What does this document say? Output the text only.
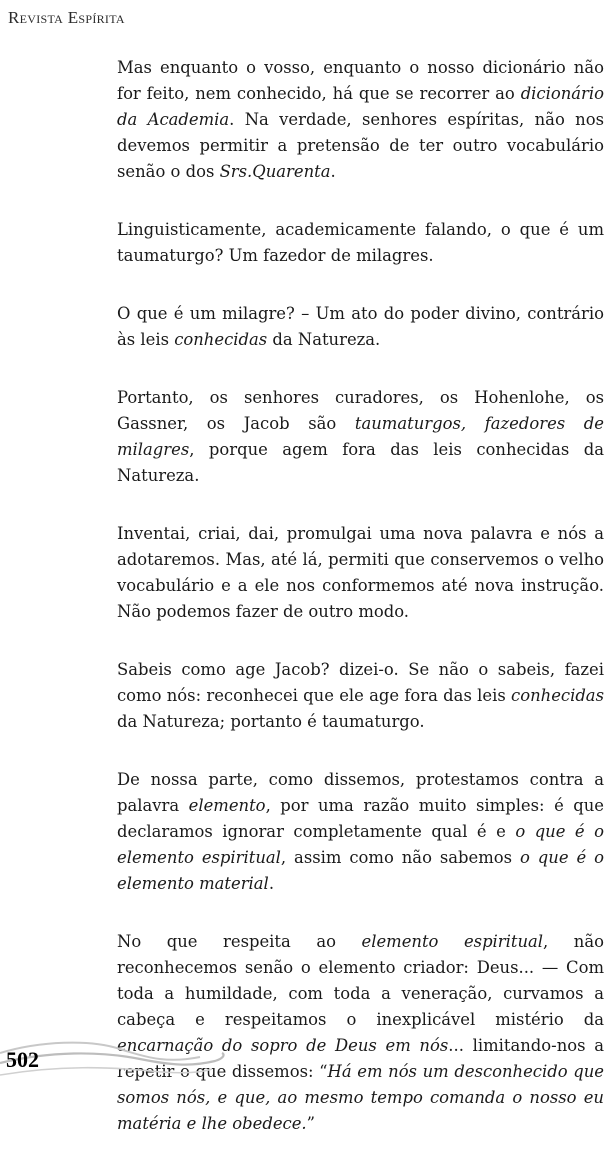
Revista Espírita

Mas enquanto o vosso, enquanto o nosso dicionário não for feito, nem conhecido, há que se recorrer ao dicionário da Academia. Na verdade, senhores espíritas, não nos devemos permitir a pretensão de ter outro vocabulário senão o dos Srs.Quarenta.

Linguisticamente, academicamente falando, o que é um taumaturgo? Um fazedor de milagres.

O que é um milagre? – Um ato do poder divino, contrário às leis conhecidas da Natureza.

Portanto, os senhores curadores, os Hohenlohe, os Gassner, os Jacob são taumaturgos, fazedores de milagres, porque agem fora das leis conhecidas da Natureza.

Inventai, criai, dai, promulgai uma nova palavra e nós a adotaremos. Mas, até lá, permiti que conservemos o velho vocabulário e a ele nos conformemos até nova instrução. Não podemos fazer de outro modo.

Sabeis como age Jacob? dizei-o. Se não o sabeis, fazei como nós: reconhecei que ele age fora das leis conhecidas da Natureza; portanto é taumaturgo.

De nossa parte, como dissemos, protestamos contra a palavra elemento, por uma razão muito simples: é que declaramos ignorar completamente qual é e o que é o elemento espiritual, assim como não sabemos o que é o elemento material.

No que respeita ao elemento espiritual, não reconhecemos senão o elemento criador: Deus... — Com toda a humildade, com toda a veneração, curvamos a cabeça e respeitamos o inexplicável mistério da encarnação do sopro de Deus em nós... limitando-nos a repetir o que dissemos: “Há em nós um desconhecido que somos nós, e que, ao mesmo tempo comanda o nosso eu matéria e lhe obedece.”

502
